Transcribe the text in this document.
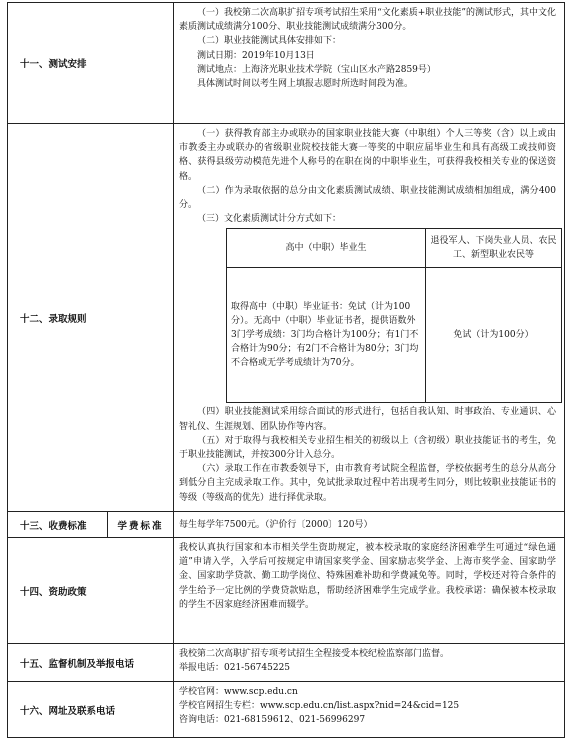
十一、测试安排

（一）我校第二次高职扩招专项考试招生采用“文化素质+职业技能”的测试形式，其中文化素质测试成绩满分100分、职业技能测试成绩满分300分。

（二）职业技能测试具体安排如下：

测试日期：2019年10月13日

测试地点：上海济光职业技术学院（宝山区水产路2859号）

具体测试时间以考生网上填报志愿时所选时间段为准。

十二、录取规则

（一）获得教育部主办或联办的国家职业技能大赛（中职组）个人三等奖（含）以上或由市教委主办或联办的省级职业院校技能大赛一等奖的中职应届毕业生和具有高级工或技师资格、获得县级劳动模范先进个人称号的在职在岗的中职毕业生，可获得我校相关专业的保送资格。

（二）作为录取依据的总分由文化素质测试成绩、职业技能测试成绩相加组成，满分400分。

（三）文化素质测试计分方式如下：

高中（中职）毕业生	退役军人、下岗失业人员、农民工、新型职业农民等
取得高中（中职）毕业证书：免试（计为100分）。无高中（中职）毕业证书者，提供语数外3门学考成绩：3门均合格计为100分；有1门不合格计为90分；有2门不合格计为80分；3门均不合格或无学考成绩计为70分。	免试（计为100分）

（四）职业技能测试采用综合面试的形式进行，包括自我认知、时事政治、专业通识、心智礼仪、生涯规划、团队协作等内容。

（五）对于取得与我校相关专业招生相关的初级以上（含初级）职业技能证书的考生，免于职业技能测试，并按300分计入总分。

（六）录取工作在市教委领导下，由市教育考试院全程监督，学校依据考生的总分从高分到低分自主完成录取工作。其中，免试批录取过程中若出现考生同分，则比较职业技能证书的等级（等级高的优先）进行择优录取。

十三、收费标准	学费标准	每生每学年7500元。（沪价行〔2000〕120号）

十四、资助政策

我校认真执行国家和本市相关学生资助规定，被本校录取的家庭经济困难学生可通过“绿色通道”申请入学，入学后可按规定申请国家奖学金、国家励志奖学金、上海市奖学金、国家助学金、国家助学贷款、勤工助学岗位、特殊困难补助和学费减免等。同时，学校还对符合条件的学生给予一定比例的学费贷款贴息，帮助经济困难学生完成学业。我校承诺：确保被本校录取的学生不因家庭经济困难而辍学。

十五、监督机制及举报电话

我校第二次高职扩招专项考试招生全程接受本校纪检监察部门监督。

举报电话：021-56745225

十六、网址及联系电话

学校官网：www.scp.edu.cn

学校官网招生专栏：www.scp.edu.cn/list.aspx?nid=24&cid=125

咨询电话：021-68159612、021-56996297
